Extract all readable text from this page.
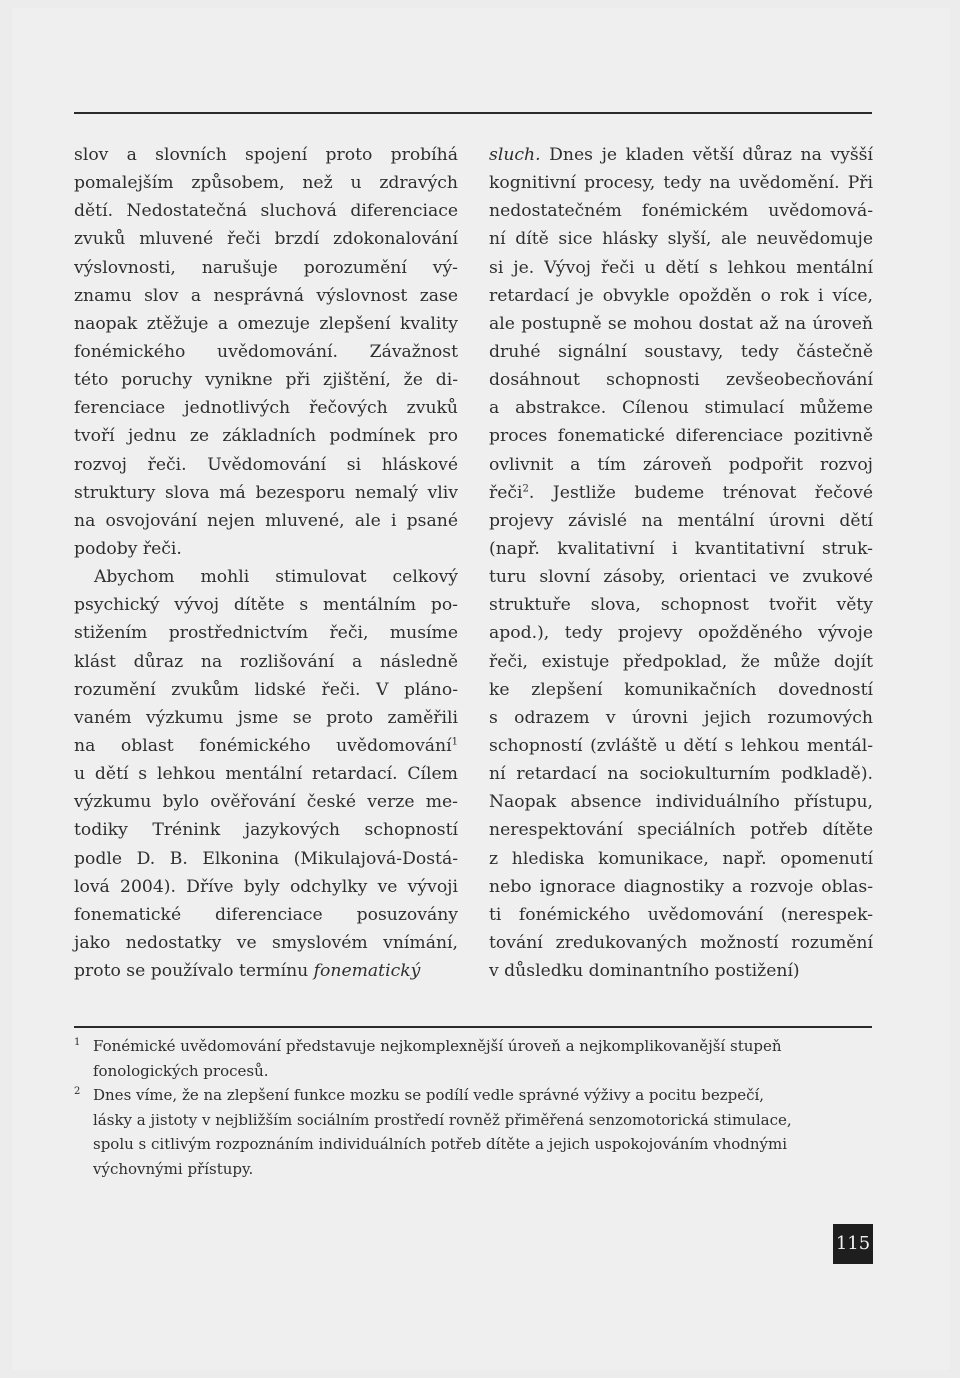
slov a slovních spojení proto probíhá
pomalejším způsobem, než u zdravých
dětí. Nedostatečná sluchová diferenciace
zvuků mluvené řeči brzdí zdokonalování
výslovnosti, narušuje porozumění vý-
znamu slov a nesprávná výslovnost zase
naopak ztěžuje a omezuje zlepšení kvality
fonémického uvědomování. Závažnost
této poruchy vynikne při zjištění, že di-
ferenciace jednotlivých řečových zvuků
tvoří jednu ze základních podmínek pro
rozvoj řeči. Uvědomování si hláskové
struktury slova má bezesporu nemalý vliv
na osvojování nejen mluvené, ale i psané
podoby řeči.
Abychom mohli stimulovat celkový
psychický vývoj dítěte s mentálním po-
stižením prostřednictvím řeči, musíme
klást důraz na rozlišování a následně
rozumění zvukům lidské řeči. V pláno-
vaném výzkumu jsme se proto zaměřili
na oblast fonémického uvědomování$^1$
u dětí s lehkou mentální retardací. Cílem
výzkumu bylo ověřování české verze me-
todiky Trénink jazykových schopností
podle D. B. Elkonina (Mikulajová-Dostá-
lová 2004). Dříve byly odchylky ve vývoji
fonematické diferenciace posuzovány
jako nedostatky ve smyslovém vnímání,
proto se používalo termínu fonematický
sluch. Dnes je kladen větší důraz na vyšší
kognitivní procesy, tedy na uvědomění. Při
nedostatečném fonémickém uvědomová-
ní dítě sice hlásky slyší, ale neuvědomuje
si je. Vývoj řeči u dětí s lehkou mentální
retardací je obvykle opožděn o rok i více,
ale postupně se mohou dostat až na úroveň
druhé signální soustavy, tedy částečně
dosáhnout schopnosti zevšeobecňování
a abstrakce. Cílenou stimulací můžeme
proces fonematické diferenciace pozitivně
ovlivnit a tím zároveň podpořit rozvoj
řeči$^2$. Jestliže budeme trénovat řečové
projevy závislé na mentální úrovni dětí
(např. kvalitativní i kvantitativní struk-
turu slovní zásoby, orientaci ve zvukové
struktuře slova, schopnost tvořit věty
apod.), tedy projevy opožděného vývoje
řeči, existuje předpoklad, že může dojít
ke zlepšení komunikačních dovedností
s odrazem v úrovni jejich rozumových
schopností (zvláště u dětí s lehkou mentál-
ní retardací na sociokulturním podkladě).
Naopak absence individuálního přístupu,
nerespektování speciálních potřeb dítěte
z hlediska komunikace, např. opomenutí
nebo ignorace diagnostiky a rozvoje oblas-
ti fonémického uvědomování (nerespek-
tování zredukovaných možností rozumění
v důsledku dominantního postižení)
1 Fonémické uvědomování představuje nejkomplexnější úroveň a nejkomplikovanější stupeň
fonologických procesů.
2 Dnes víme, že na zlepšení funkce mozku se podílí vedle správné výživy a pocitu bezpečí,
lásky a jistoty v nejbližším sociálním prostředí rovněž přiměřená senzomotorická stimulace,
spolu s citlivým rozpoznáním individuálních potřeb dítěte a jejich uspokojováním vhodnými
výchovnými přístupy.
115
